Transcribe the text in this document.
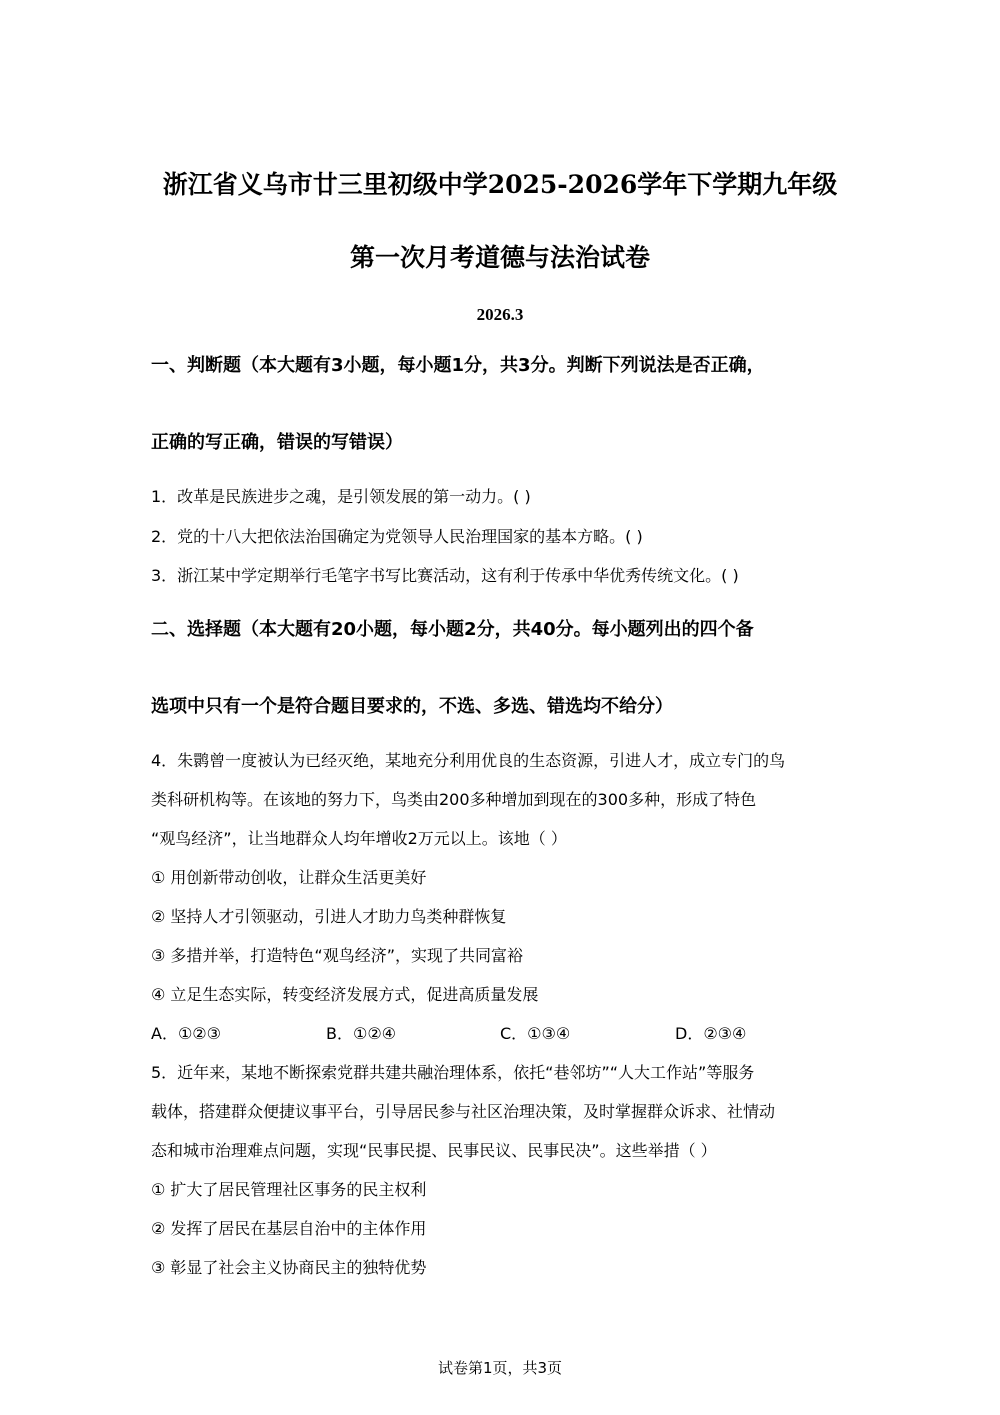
浙江省义乌市廿三里初级中学2025-2026学年下学期九年级
第一次月考道德与法治试卷
2026.3
一、判断题（本大题有3小题，每小题1分，共3分。判断下列说法是否正确，
正确的写正确，错误的写错误）
1．改革是民族进步之魂，是引领发展的第一动力。( )
2．党的十八大把依法治国确定为党领导人民治理国家的基本方略。( )
3．浙江某中学定期举行毛笔字书写比赛活动，这有利于传承中华优秀传统文化。( )
二、选择题（本大题有20小题，每小题2分，共40分。每小题列出的四个备
选项中只有一个是符合题目要求的，不选、多选、错选均不给分）
4．朱鹮曾一度被认为已经灭绝，某地充分利用优良的生态资源，引进人才，成立专门的鸟
类科研机构等。在该地的努力下，鸟类由200多种增加到现在的300多种，形成了特色
“观鸟经济”，让当地群众人均年增收2万元以上。该地（ ）
① 用创新带动创收，让群众生活更美好
② 坚持人才引领驱动，引进人才助力鸟类种群恢复
③ 多措并举，打造特色“观鸟经济”，实现了共同富裕
④ 立足生态实际，转变经济发展方式，促进高质量发展
A．①②③	B．①②④	C．①③④	D．②③④
5．近年来，某地不断探索党群共建共融治理体系，依托“巷邻坊”“人大工作站”等服务
载体，搭建群众便捷议事平台，引导居民参与社区治理决策，及时掌握群众诉求、社情动
态和城市治理难点问题，实现“民事民提、民事民议、民事民决”。这些举措（ ）
① 扩大了居民管理社区事务的民主权利
② 发挥了居民在基层自治中的主体作用
③ 彰显了社会主义协商民主的独特优势
试卷第1页，共3页
